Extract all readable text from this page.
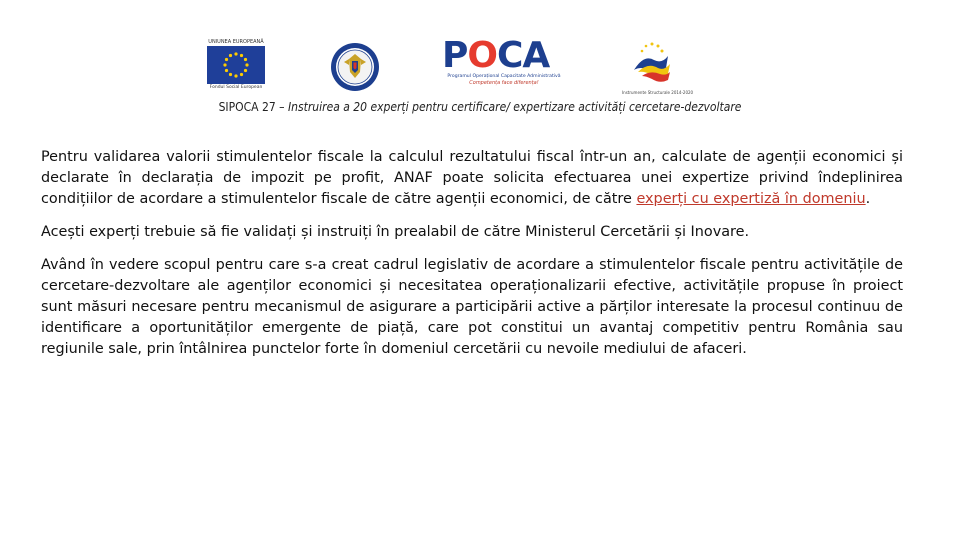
UNIUNEA EUROPEANĂ
Fondul Social European
POCA
Programul Operațional Capacitate Administrativă
Competența face diferența!
Instrumente Structurale 2014-2020
SIPOCA 27 – Instruirea a 20 experți pentru certificare/ expertizare activități cercetare-dezvoltare

Pentru validarea valorii stimulentelor fiscale la calculul rezultatului fiscal într-un an, calculate de agenții economici și declarate în declarația de impozit pe profit, ANAF poate solicita efectuarea unei expertize privind îndeplinirea condițiilor de acordare a stimulentelor fiscale de către agenții economici, de către experți cu expertiză în domeniu.

Acești experți trebuie să fie validați și instruiți în prealabil de către Ministerul Cercetării și Inovare.

Având în vedere scopul pentru care s-a creat cadrul legislativ de acordare a stimulentelor fiscale pentru activitățile de cercetare-dezvoltare ale agenților economici și necesitatea operaționalizarii efective, activitățile propuse în proiect sunt măsuri necesare pentru mecanismul de asigurare a participării active a părților interesate la procesul continuu de identificare a oportunităților emergente de piață, care pot constitui un avantaj competitiv pentru România sau regiunile sale, prin întâlnirea punctelor forte în domeniul cercetării cu nevoile mediului de afaceri.
